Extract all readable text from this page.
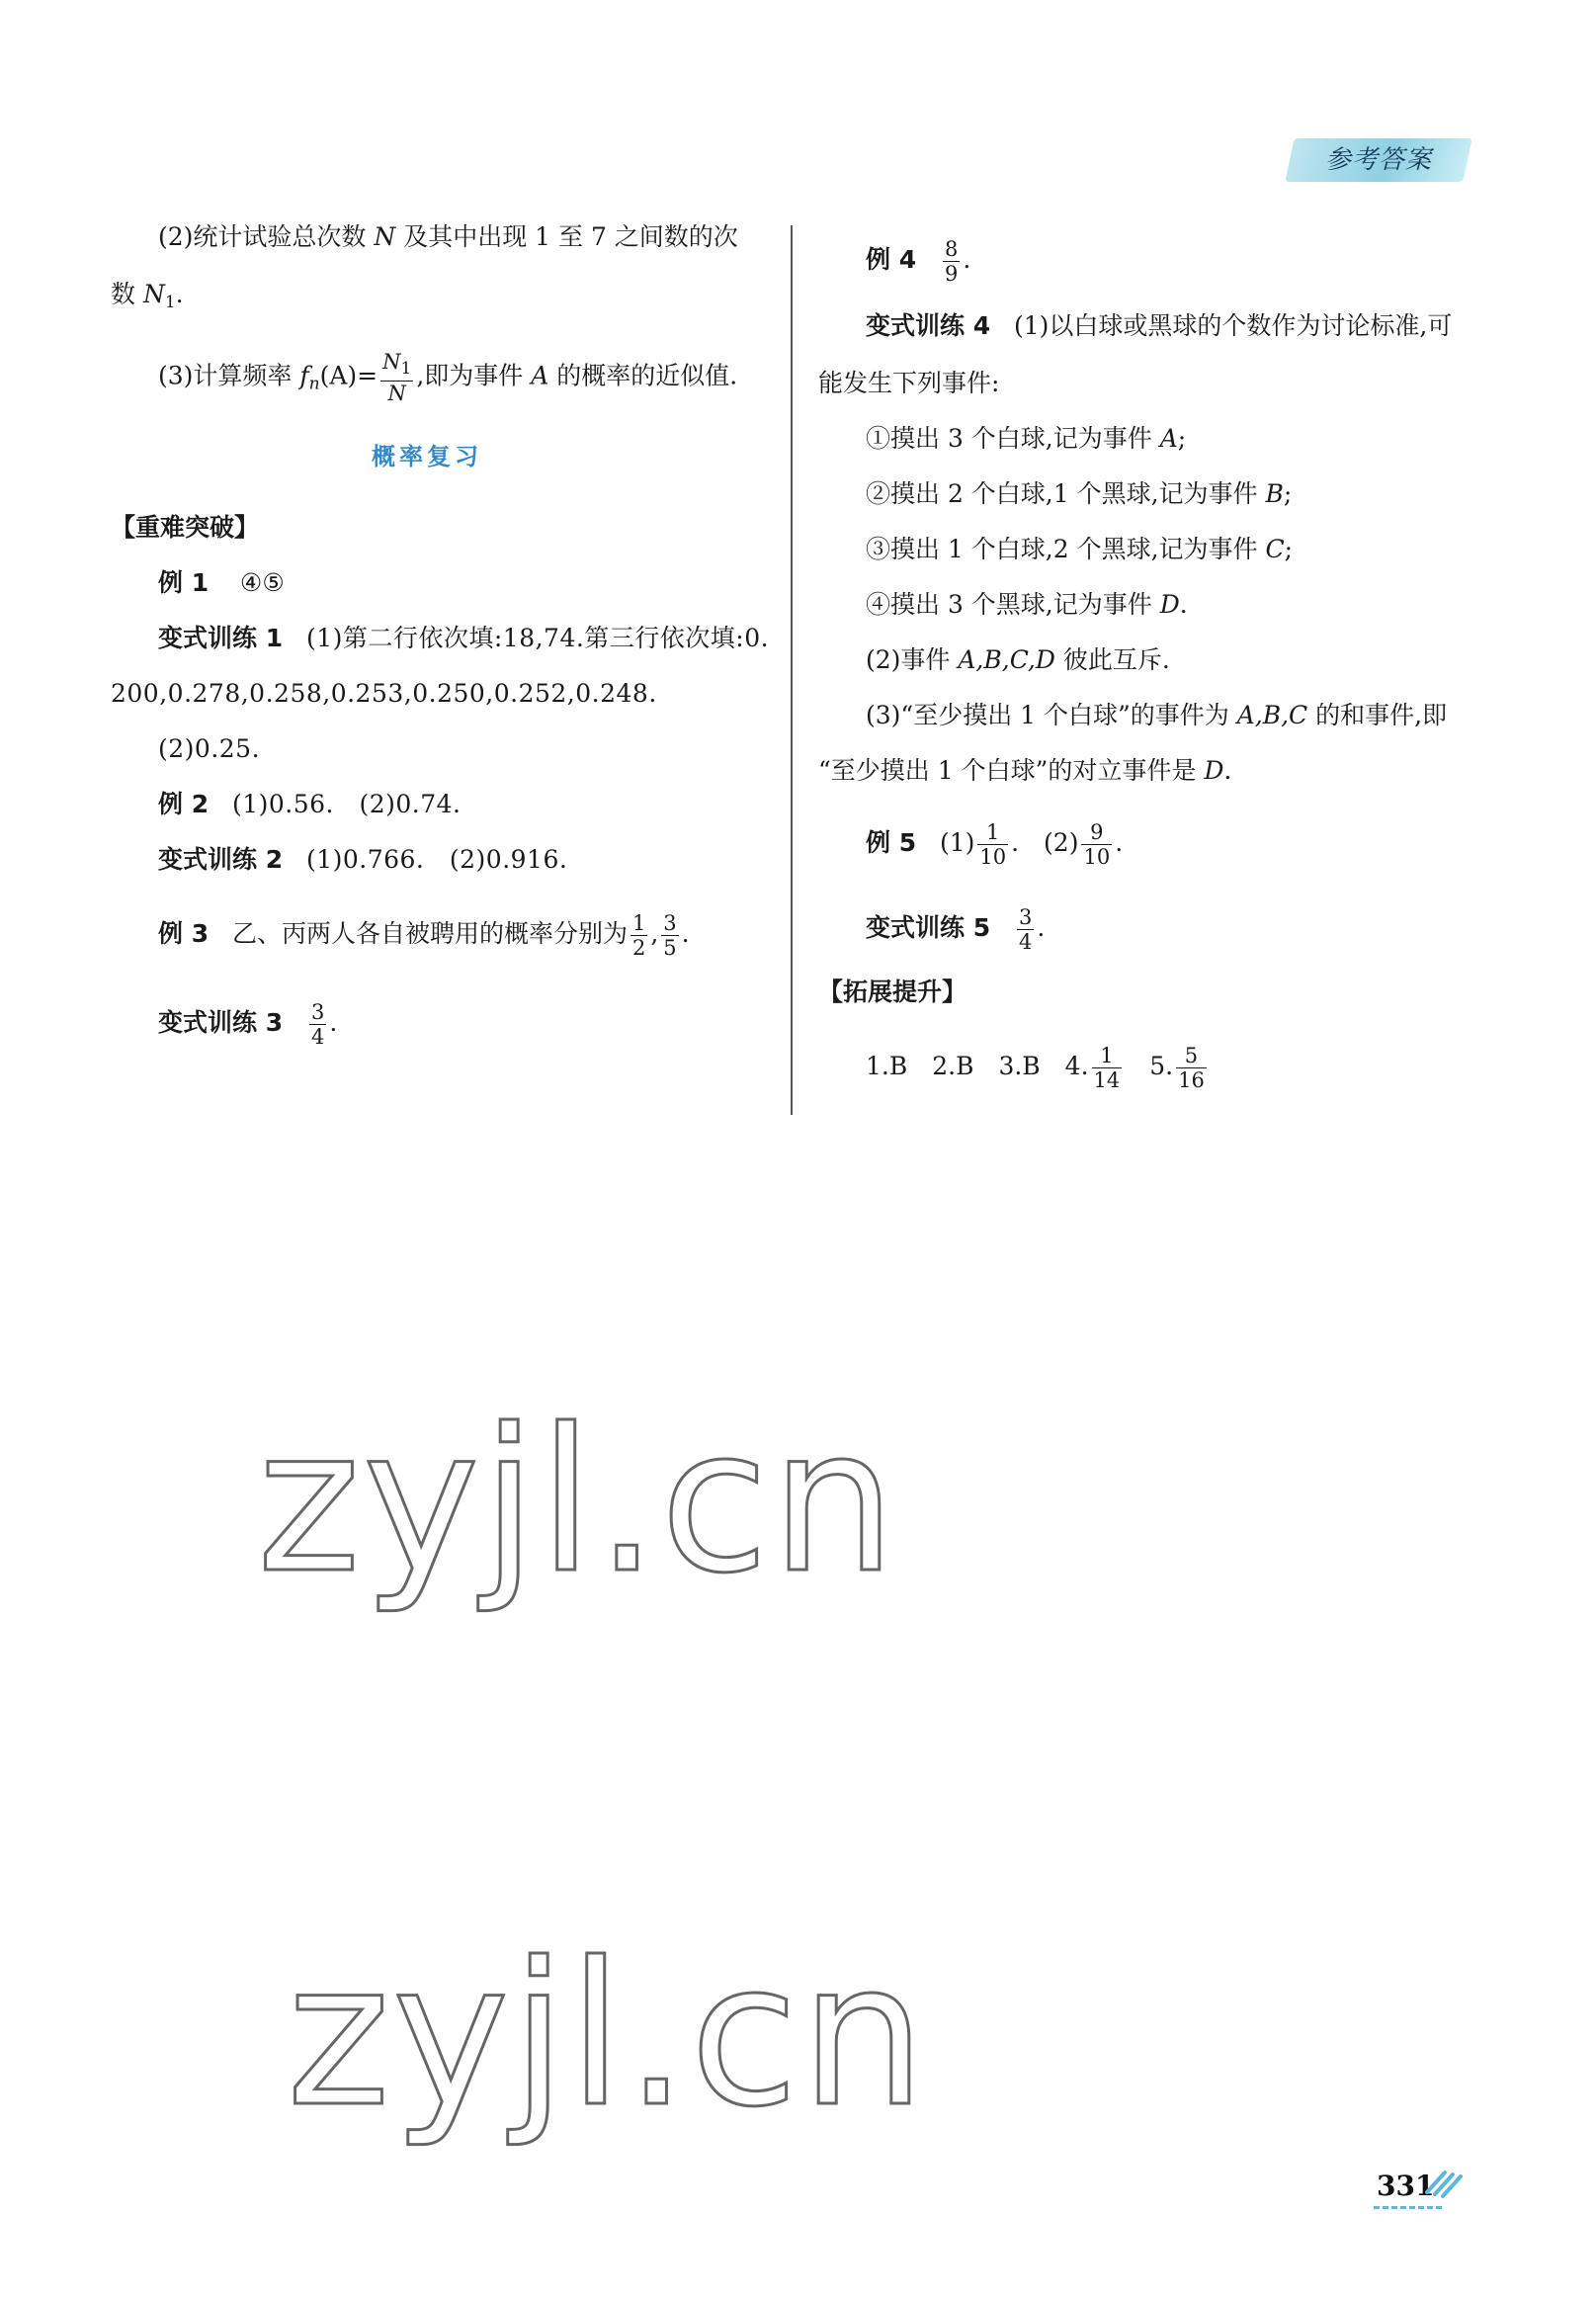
参考答案
(2)统计试验总次数 N 及其中出现 1 至 7 之间数的次
数 $N_1$.
(3)计算频率 $f_n(A)= \frac{N_1}{N}$ ,即为事件 A 的概率的近似值.
概率复习
【重难突破】
例 1 ④⑤
变式训练 1 (1)第二行依次填:18,74.第三行依次填:0.
200,0.278,0.258,0.253,0.250,0.252,0.248.
(2)0.25.
例 2 (1)0.56.　(2)0.74.
变式训练 2 (1)0.766.　(2)0.916.
例 3 乙、丙两人各自被聘用的概率分别为 $\frac{1}{2}$ , $\frac{3}{5}$ .
变式训练 $3 \frac{3}{4}$ .
例 $4 \frac{8}{9}$ .
变式训练 4 (1)以白球或黑球的个数作为讨论标准,可
能发生下列事件:
①摸出 3 个白球,记为事件 A;
②摸出 2 个白球,1 个黑球,记为事件 B;
③摸出 1 个白球,2 个黑球,记为事件 C;
④摸出 3 个黑球,记为事件 D.
(2)事件 A,B,C,D 彼此互斥.
(3)“至少摸出 1 个白球”的事件为 A,B,C 的和事件,即
“至少摸出 1 个白球”的对立事件是 D.
例 5 $(1) \frac{1}{10}$ .　$(2) \frac{9}{10}$ .
变式训练 $5 \frac{3}{4}$ .
【拓展提升】
1.B　2.B　3.B　4. $\frac{1}{14}$ 　5. $\frac{5}{16}$
zyjl.cn
zyjl.cn
331
